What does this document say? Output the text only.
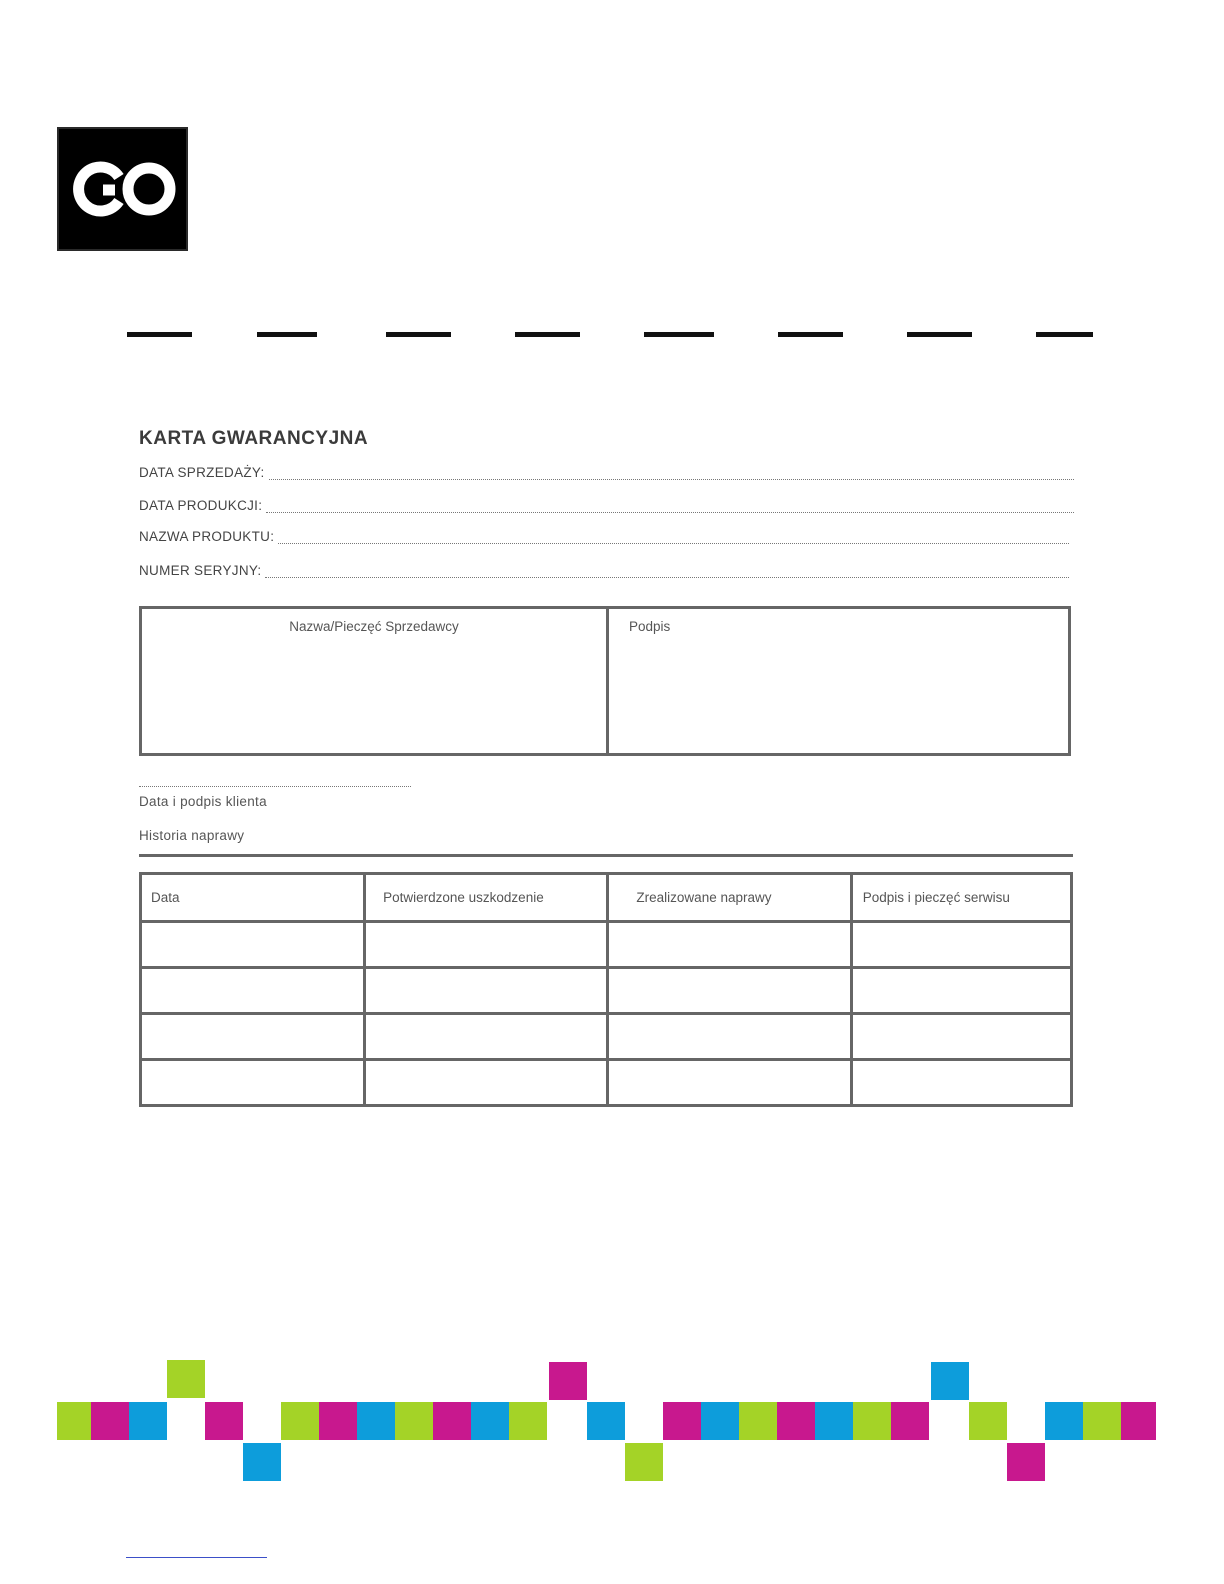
KARTA GWARANCYJNA
DATA SPRZEDAŻY:
DATA PRODUKCJI:
NAZWA PRODUKTU:
NUMER SERYJNY:
Nazwa/Pieczęć Sprzedawcy	Podpis
Data i podpis klienta
Historia naprawy
Data	Potwierdzone uszkodzenie	Zrealizowane naprawy	Podpis i pieczęć serwisu
